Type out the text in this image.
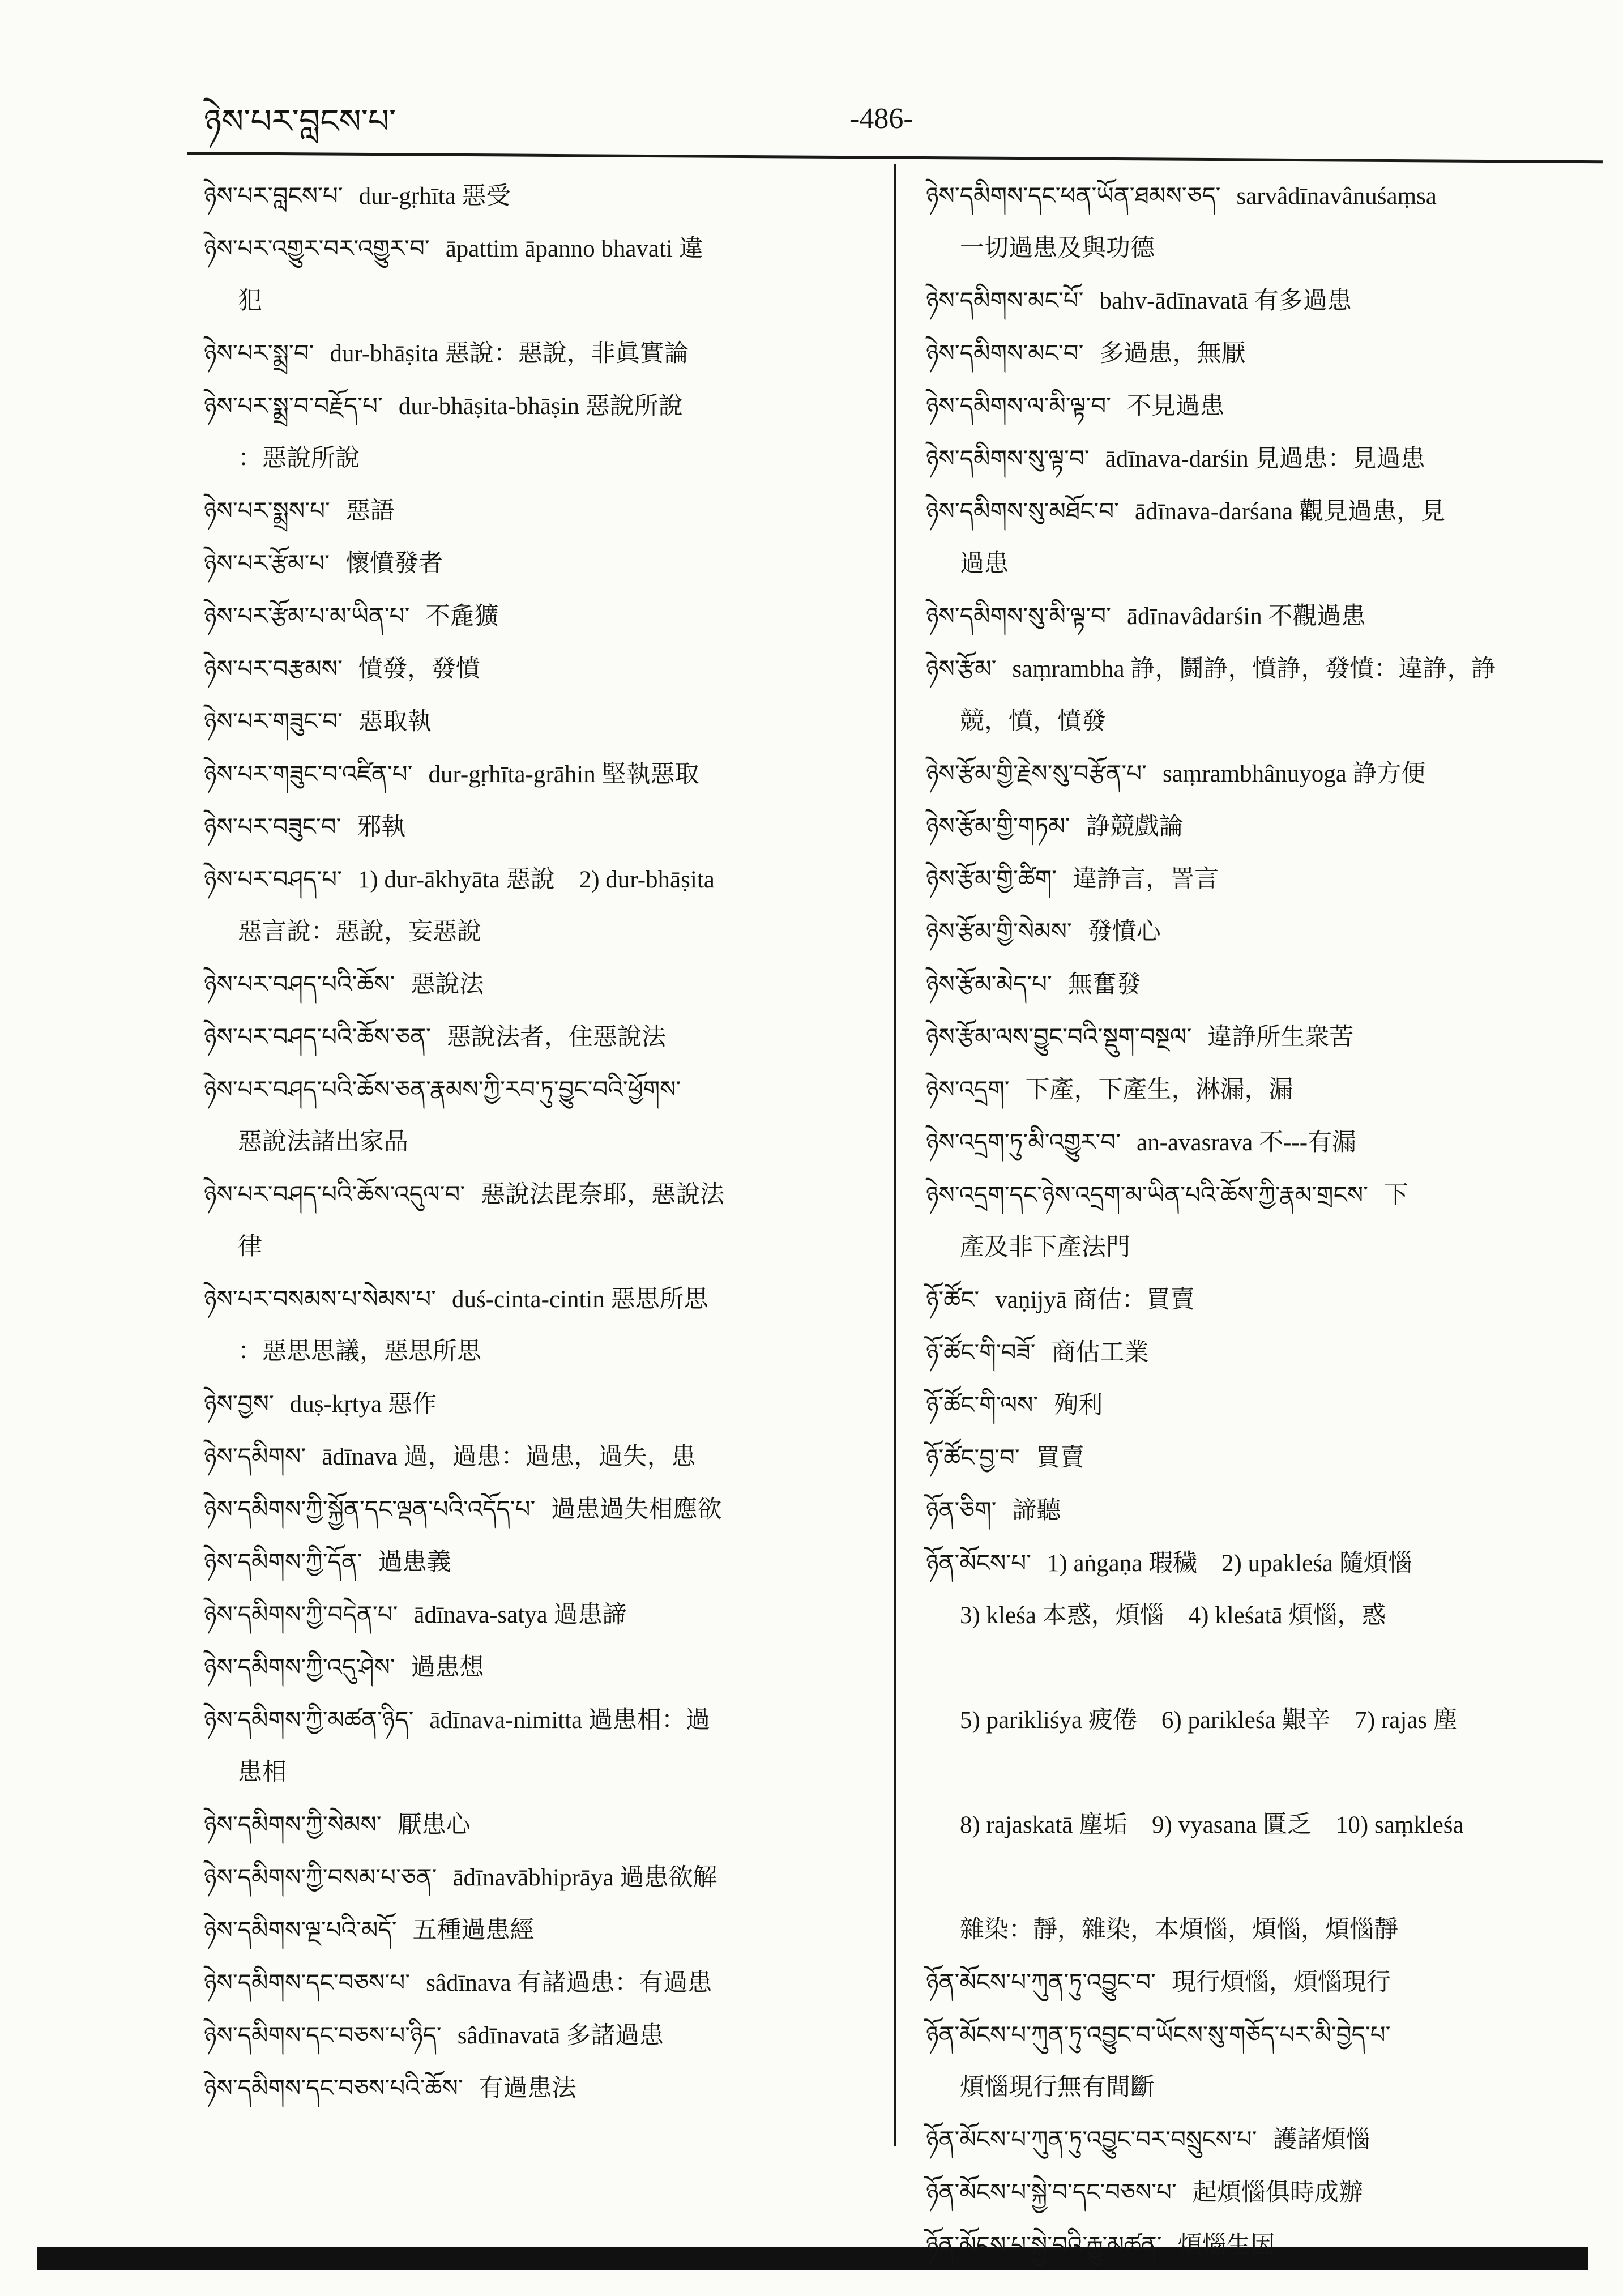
ཉེས་པར་བླངས་པ་	-486-
ཉེས་པར་བླངས་པ་ dur-gṛhīta 惡受
ཉེས་པར་འགྱུར་བར་འགྱུར་བ་ āpattim āpanno bhavati 違
犯
ཉེས་པར་སྨྲ་བ་ dur-bhāṣita 惡說：惡說，非眞實論
ཉེས་པར་སྨྲ་བ་བརྗོད་པ་ dur-bhāṣita-bhāṣin 惡說所說
：惡說所說
ཉེས་པར་སྨྲས་པ་ 惡語
ཉེས་པར་རྩོམ་པ་ 懷憤發者
ཉེས་པར་རྩོམ་པ་མ་ཡིན་པ་ 不麁獷
ཉེས་པར་བརྩམས་ 憤發，發憤
ཉེས་པར་གཟུང་བ་ 惡取執
ཉེས་པར་གཟུང་བ་འཛིན་པ་ dur-gṛhīta-grāhin 堅執惡取
ཉེས་པར་བཟུང་བ་ 邪執
ཉེས་པར་བཤད་པ་ 1) dur-ākhyāta 惡說　2) dur-bhāṣita
惡言說：惡說，妄惡說
ཉེས་པར་བཤད་པའི་ཆོས་ 惡說法
ཉེས་པར་བཤད་པའི་ཆོས་ཅན་ 惡說法者，住惡說法
ཉེས་པར་བཤད་པའི་ཆོས་ཅན་རྣམས་ཀྱི་རབ་ཏུ་བྱུང་བའི་ཕྱོགས་
惡說法諸出家品
ཉེས་པར་བཤད་པའི་ཆོས་འདུལ་བ་ 惡說法毘奈耶，惡說法
律
ཉེས་པར་བསམས་པ་སེམས་པ་ duś-cinta-cintin 惡思所思
：惡思思議，惡思所思
ཉེས་བྱས་ duṣ-kṛtya 惡作
ཉེས་དམིགས་ ādīnava 過，過患：過患，過失，患
ཉེས་དམིགས་ཀྱི་སྐྱོན་དང་ལྡན་པའི་འདོད་པ་ 過患過失相應欲
ཉེས་དམིགས་ཀྱི་དོན་ 過患義
ཉེས་དམིགས་ཀྱི་བདེན་པ་ ādīnava-satya 過患諦
ཉེས་དམིགས་ཀྱི་འདུ་ཤེས་ 過患想
ཉེས་དམིགས་ཀྱི་མཚན་ཉིད་ ādīnava-nimitta 過患相：過
患相
ཉེས་དམིགས་ཀྱི་སེམས་ 厭患心
ཉེས་དམིགས་ཀྱི་བསམ་པ་ཅན་ ādīnavābhiprāya 過患欲解
ཉེས་དམིགས་ལྔ་པའི་མདོ་ 五種過患經
ཉེས་དམིགས་དང་བཅས་པ་ sâdīnava 有諸過患：有過患
ཉེས་དམིགས་དང་བཅས་པ་ཉིད་ sâdīnavatā 多諸過患
ཉེས་དམིགས་དང་བཅས་པའི་ཆོས་ 有過患法
ཉེས་དམིགས་དང་ཕན་ཡོན་ཐམས་ཅད་ sarvâdīnavânuśaṃsa
一切過患及與功德
ཉེས་དམིགས་མང་པོ་ bahv-ādīnavatā 有多過患
ཉེས་དམིགས་མང་བ་ 多過患，無厭
ཉེས་དམིགས་ལ་མི་ལྟ་བ་ 不見過患
ཉེས་དམིགས་སུ་ལྟ་བ་ ādīnava-darśin 見過患：見過患
ཉེས་དམིགས་སུ་མཐོང་བ་ ādīnava-darśana 觀見過患，見
過患
ཉེས་དམིགས་སུ་མི་ལྟ་བ་ ādīnavâdarśin 不觀過患
ཉེས་རྩོམ་ saṃrambha 諍，鬪諍，憤諍，發憤：違諍，諍
競，憤，憤發
ཉེས་རྩོམ་གྱི་རྗེས་སུ་བརྩོན་པ་ saṃrambhânuyoga 諍方便
ཉེས་རྩོམ་གྱི་གཏམ་ 諍競戲論
ཉེས་རྩོམ་གྱི་ཚིག་ 違諍言，詈言
ཉེས་རྩོམ་གྱི་སེམས་ 發憤心
ཉེས་རྩོམ་མེད་པ་ 無奮發
ཉེས་རྩོམ་ལས་བྱུང་བའི་སྡུག་བསྔལ་ 違諍所生衆苦
ཉེས་འདྲག་ 下產，下產生，淋漏，漏
ཉེས་འདྲག་ཏུ་མི་འགྱུར་བ་ an-avasrava 不---有漏
ཉེས་འདྲག་དང་ཉེས་འདྲག་མ་ཡིན་པའི་ཆོས་ཀྱི་རྣམ་གྲངས་ 下
產及非下產法門
ཉོ་ཚོང་ vaṇijyā 商估：買賣
ཉོ་ཚོང་གི་བཟོ་ 商估工業
ཉོ་ཚོང་གི་ལས་ 殉利
ཉོ་ཚོང་བྱ་བ་ 買賣
ཉོན་ཅིག་ 諦聽
ཉོན་མོངས་པ་ 1) aṅgaṇa 瑕穢　2) upakleśa 隨煩惱
3) kleśa 本惑，煩惱　4) kleśatā 煩惱，惑
5) parikliśya 疲倦　6) parikleśa 艱辛　7) rajas 塵
8) rajaskatā 塵垢　9) vyasana 匱乏　10) saṃkleśa
雜染：靜，雜染，本煩惱，煩惱，煩惱靜
ཉོན་མོངས་པ་ཀུན་ཏུ་འབྱུང་བ་ 現行煩惱，煩惱現行
ཉོན་མོངས་པ་ཀུན་ཏུ་འབྱུང་བ་ཡོངས་སུ་གཅོད་པར་མི་བྱེད་པ་
煩惱現行無有間斷
ཉོན་མོངས་པ་ཀུན་ཏུ་འབྱུང་བར་བསྲུངས་པ་ 護諸煩惱
ཉོན་མོངས་པ་སྐྱེ་བ་དང་བཅས་པ་ 起煩惱俱時成辦
ཉོན་མོངས་པ་སྐྱེ་བའི་རྒྱུ་མཚན་ 煩惱生因
